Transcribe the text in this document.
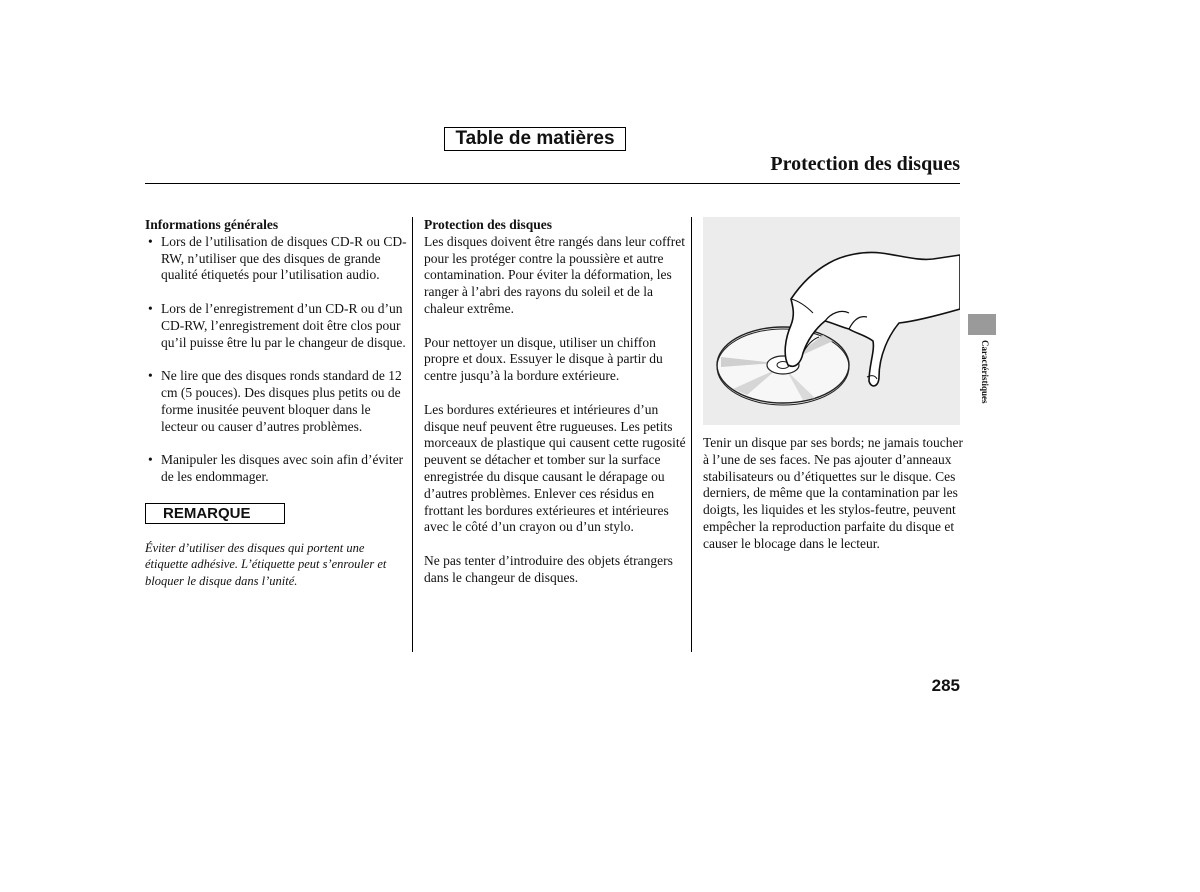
Table de matières
Protection des disques

Informations générales

• Lors de l’utilisation de disques CD-R ou CD-RW, n’utiliser que des disques de grande qualité étiquetés pour l’utilisation audio.
• Lors de l’enregistrement d’un CD-R ou d’un CD-RW, l’enregistrement doit être clos pour qu’il puisse être lu par le changeur de disque.
• Ne lire que des disques ronds standard de 12 cm (5 pouces). Des disques plus petits ou de forme inusitée peuvent bloquer dans le lecteur ou causer d’autres problèmes.
• Manipuler les disques avec soin afin d’éviter de les endommager.
REMARQUE
Éviter d’utiliser des disques qui portent une étiquette adhésive. L’étiquette peut s’enrouler et bloquer le disque dans l’unité.

Protection des disques

Les disques doivent être rangés dans leur coffret pour les protéger contre la poussière et autre contamination. Pour éviter la déformation, les ranger à l’abri des rayons du soleil et de la chaleur extrême.

Pour nettoyer un disque, utiliser un chiffon propre et doux. Essuyer le disque à partir du centre jusqu’à la bordure extérieure.

Les bordures extérieures et intérieures d’un disque neuf peuvent être rugueuses. Les petits morceaux de plastique qui causent cette rugosité peuvent se détacher et tomber sur la surface enregistrée du disque causant le dérapage ou d’autres problèmes. Enlever ces résidus en frottant les bordures extérieures et intérieures avec le côté d’un crayon ou d’un stylo.

Ne pas tenter d’introduire des objets étrangers dans le changeur de disques.

Tenir un disque par ses bords; ne jamais toucher à l’une de ses faces. Ne pas ajouter d’anneaux stabilisateurs ou d’étiquettes sur le disque. Ces derniers, de même que la contamination par les doigts, les liquides et les stylos-feutre, peuvent empêcher la reproduction parfaite du disque et causer le blocage dans le lecteur.

Caractéristiques

285
